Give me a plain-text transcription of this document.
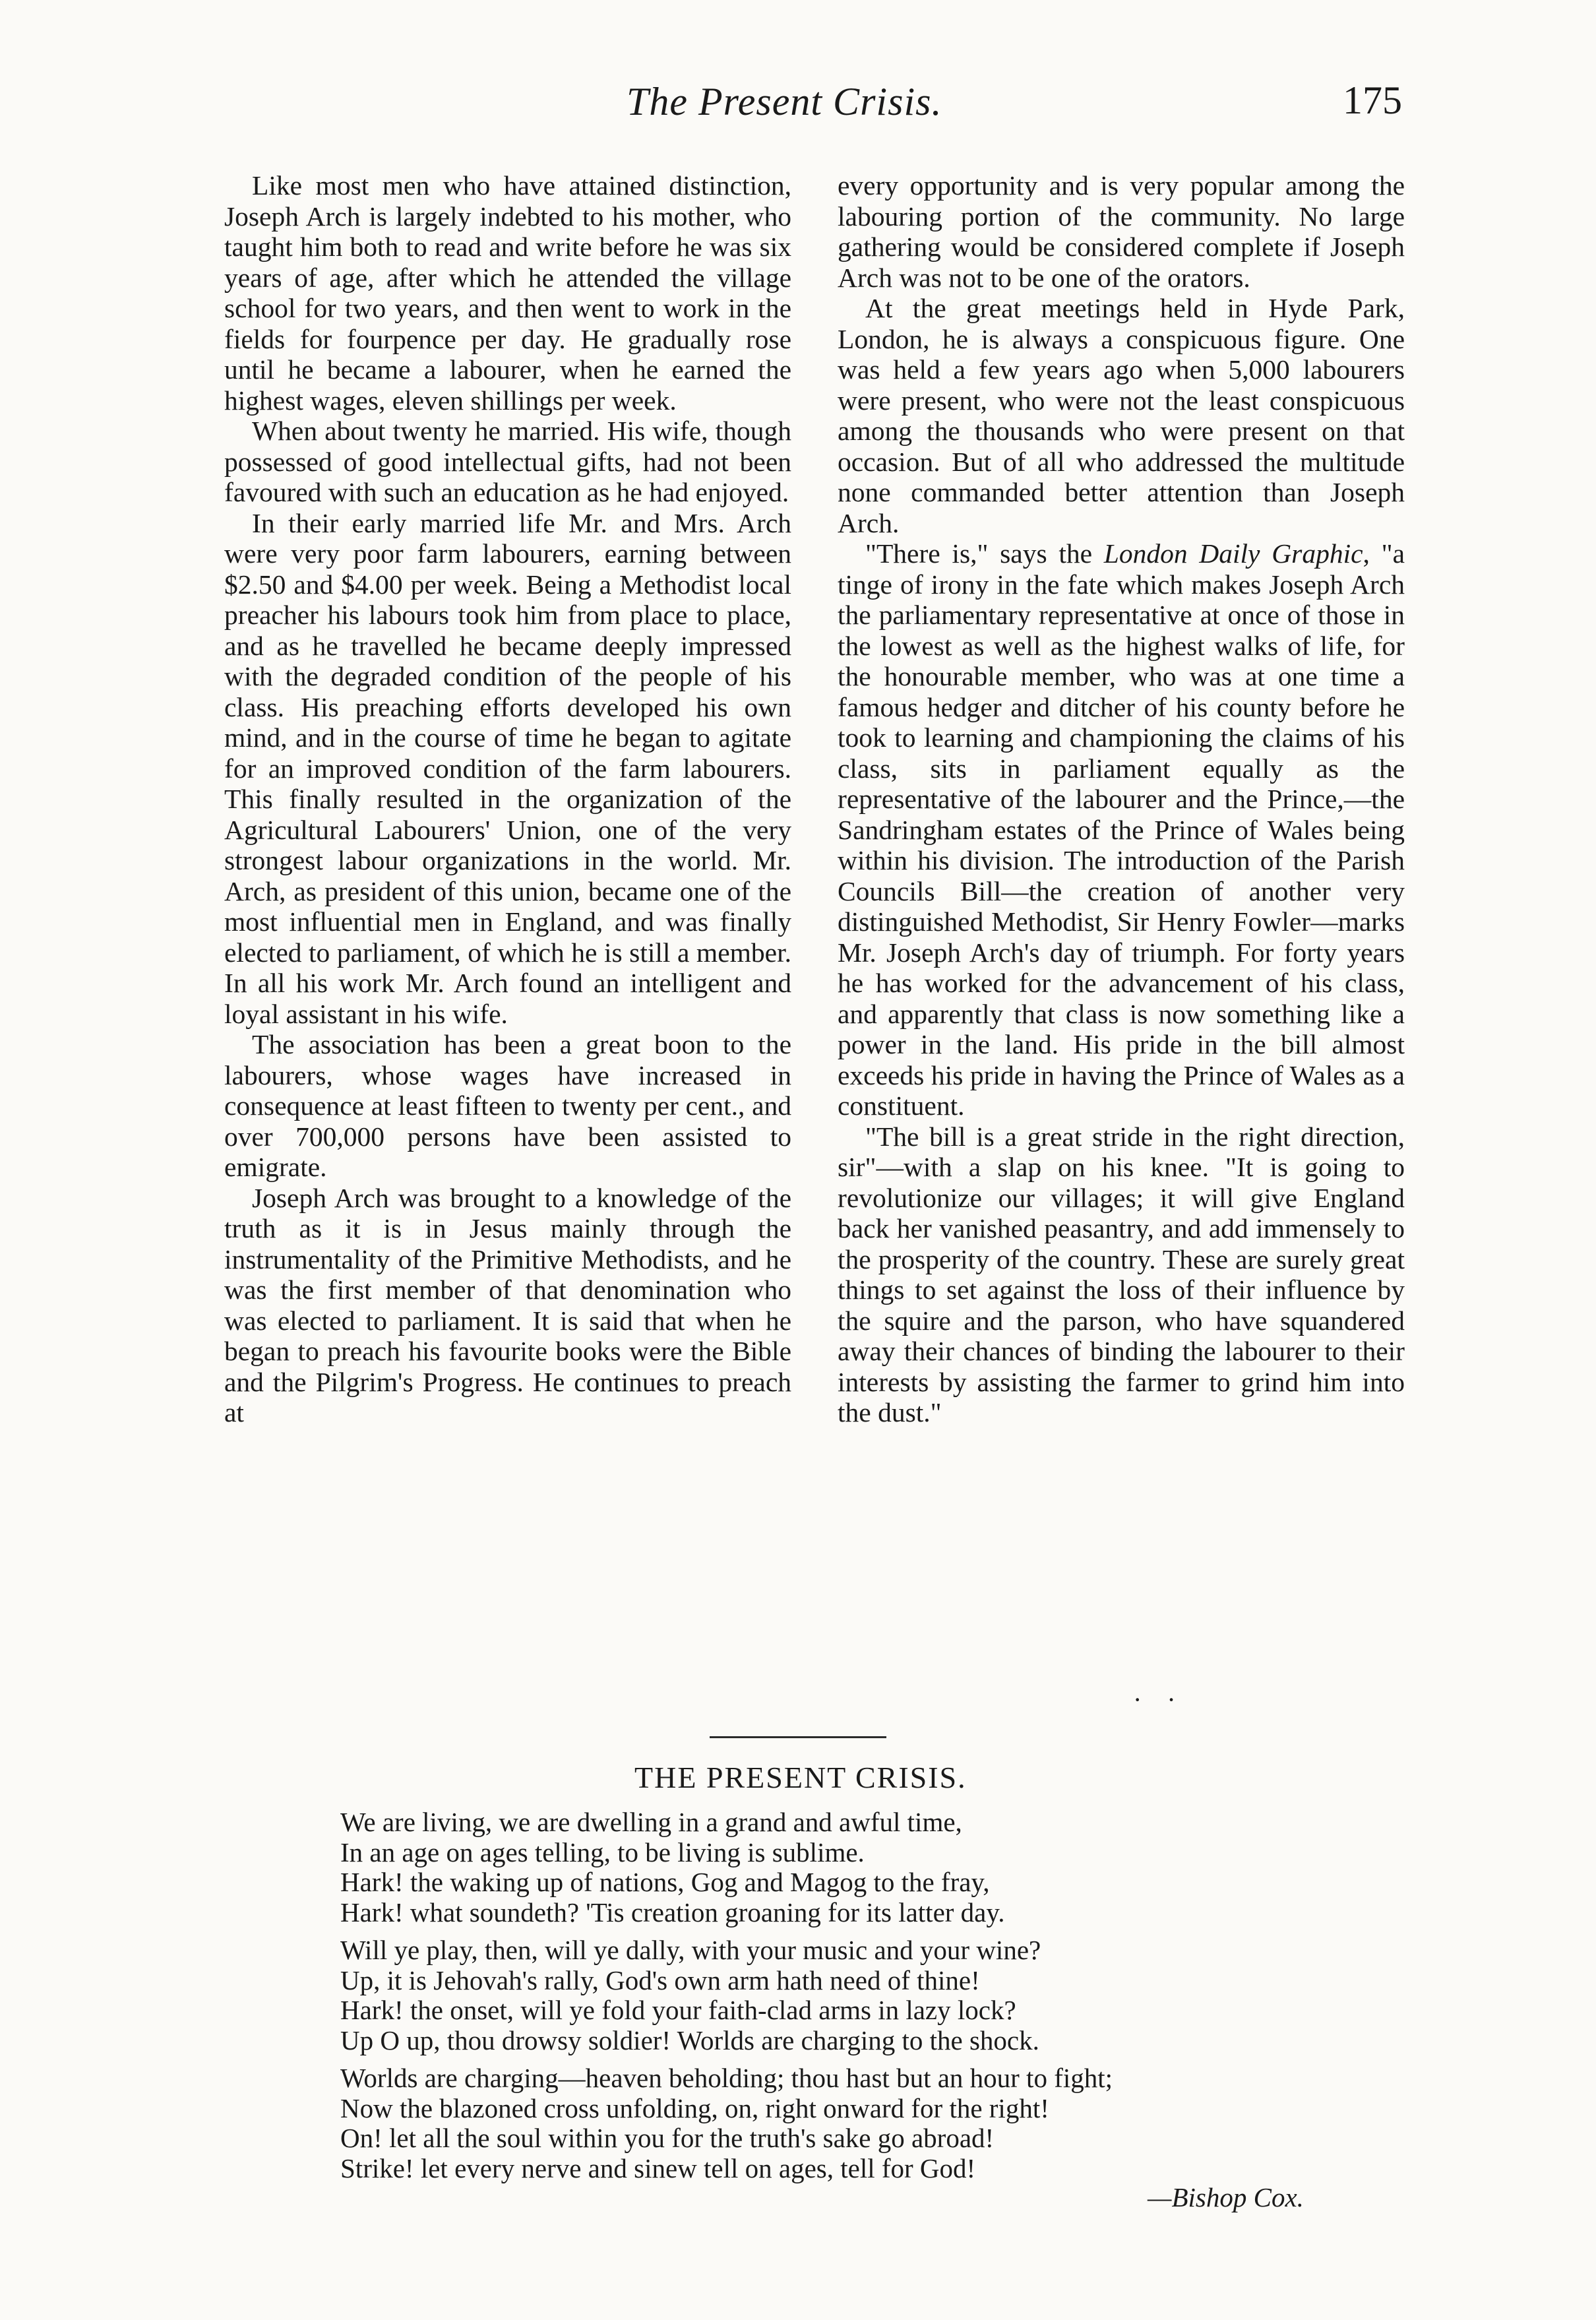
The Present Crisis.	175

Like most men who have attained distinction, Joseph Arch is largely indebted to his mother, who taught him both to read and write before he was six years of age, after which he attended the village school for two years, and then went to work in the fields for fourpence per day. He gradually rose until he became a labourer, when he earned the highest wages, eleven shillings per week.

When about twenty he married. His wife, though possessed of good intellectual gifts, had not been favoured with such an education as he had enjoyed.

In their early married life Mr. and Mrs. Arch were very poor farm labourers, earning between $2.50 and $4.00 per week. Being a Methodist local preacher his labours took him from place to place, and as he travelled he became deeply impressed with the degraded condition of the people of his class. His preaching efforts developed his own mind, and in the course of time he began to agitate for an improved condition of the farm labourers. This finally resulted in the organization of the Agricultural Labourers' Union, one of the very strongest labour organizations in the world. Mr. Arch, as president of this union, became one of the most influential men in England, and was finally elected to parliament, of which he is still a member. In all his work Mr. Arch found an intelligent and loyal assistant in his wife.

The association has been a great boon to the labourers, whose wages have increased in consequence at least fifteen to twenty per cent., and over 700,000 persons have been assisted to emigrate.

Joseph Arch was brought to a knowledge of the truth as it is in Jesus mainly through the instrumentality of the Primitive Methodists, and he was the first member of that denomination who was elected to parliament. It is said that when he began to preach his favourite books were the Bible and the Pilgrim's Progress. He continues to preach at

every opportunity and is very popular among the labouring portion of the community. No large gathering would be considered complete if Joseph Arch was not to be one of the orators.

At the great meetings held in Hyde Park, London, he is always a conspicuous figure. One was held a few years ago when 5,000 labourers were present, who were not the least conspicuous among the thousands who were present on that occasion. But of all who addressed the multitude none commanded better attention than Joseph Arch.

"There is," says the London Daily Graphic, "a tinge of irony in the fate which makes Joseph Arch the parliamentary representative at once of those in the lowest as well as the highest walks of life, for the honourable member, who was at one time a famous hedger and ditcher of his county before he took to learning and championing the claims of his class, sits in parliament equally as the representative of the labourer and the Prince,—the Sandringham estates of the Prince of Wales being within his division. The introduction of the Parish Councils Bill—the creation of another very distinguished Methodist, Sir Henry Fowler—marks Mr. Joseph Arch's day of triumph. For forty years he has worked for the advancement of his class, and apparently that class is now something like a power in the land. His pride in the bill almost exceeds his pride in having the Prince of Wales as a constituent.

"The bill is a great stride in the right direction, sir"—with a slap on his knee. "It is going to revolutionize our villages; it will give England back her vanished peasantry, and add immensely to the prosperity of the country. These are surely great things to set against the loss of their influence by the squire and the parson, who have squandered away their chances of binding the labourer to their interests by assisting the farmer to grind him into the dust."

··
THE PRESENT CRISIS.
We are living, we are dwelling in a grand and awful time,
In an age on ages telling, to be living is sublime.
Hark! the waking up of nations, Gog and Magog to the fray,
Hark! what soundeth? 'Tis creation groaning for its latter day.
Will ye play, then, will ye dally, with your music and your wine?
Up, it is Jehovah's rally, God's own arm hath need of thine!
Hark! the onset, will ye fold your faith-clad arms in lazy lock?
Up O up, thou drowsy soldier! Worlds are charging to the shock.
Worlds are charging—heaven beholding; thou hast but an hour to fight;
Now the blazoned cross unfolding, on, right onward for the right!
On! let all the soul within you for the truth's sake go abroad!
Strike! let every nerve and sinew tell on ages, tell for God!
—Bishop Cox.
